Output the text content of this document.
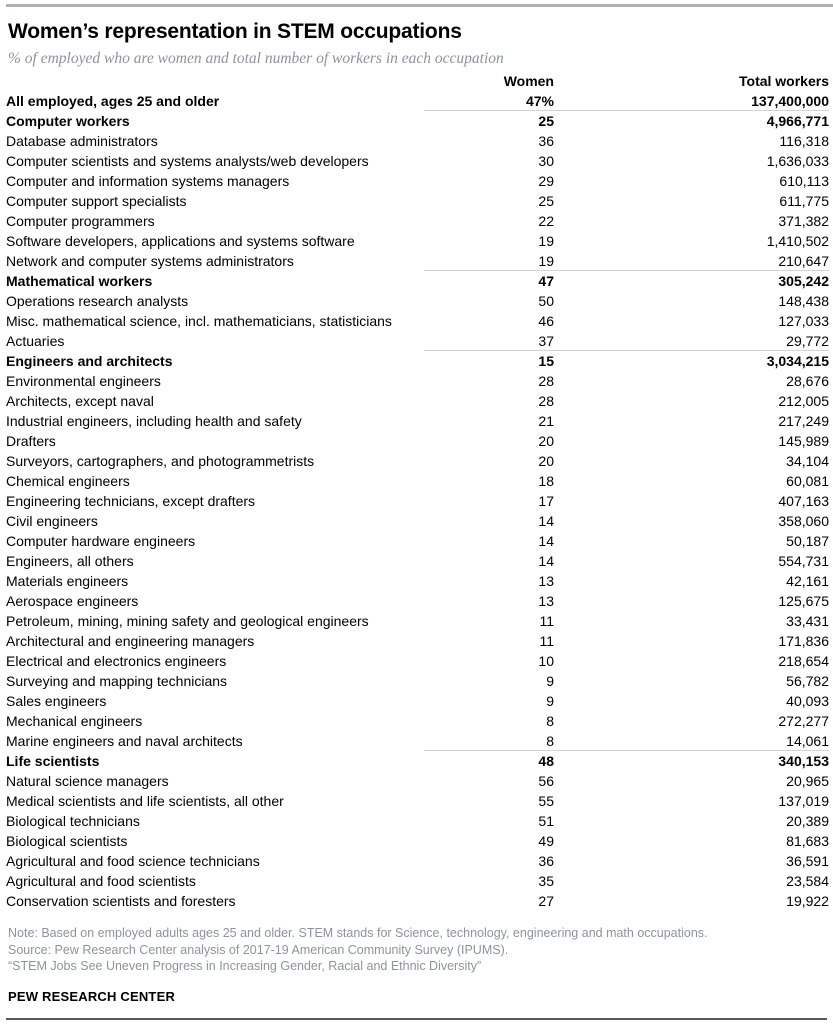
Women’s representation in STEM occupations
% of employed who are women and total number of workers in each occupation
	Women	Total workers
All employed, ages 25 and older	47%	137,400,000
Computer workers	25	4,966,771
Database administrators	36	116,318
Computer scientists and systems analysts/web developers	30	1,636,033
Computer and information systems managers	29	610,113
Computer support specialists	25	611,775
Computer programmers	22	371,382
Software developers, applications and systems software	19	1,410,502
Network and computer systems administrators	19	210,647
Mathematical workers	47	305,242
Operations research analysts	50	148,438
Misc. mathematical science, incl. mathematicians, statisticians	46	127,033
Actuaries	37	29,772
Engineers and architects	15	3,034,215
Environmental engineers	28	28,676
Architects, except naval	28	212,005
Industrial engineers, including health and safety	21	217,249
Drafters	20	145,989
Surveyors, cartographers, and photogrammetrists	20	34,104
Chemical engineers	18	60,081
Engineering technicians, except drafters	17	407,163
Civil engineers	14	358,060
Computer hardware engineers	14	50,187
Engineers, all others	14	554,731
Materials engineers	13	42,161
Aerospace engineers	13	125,675
Petroleum, mining, mining safety and geological engineers	11	33,431
Architectural and engineering managers	11	171,836
Electrical and electronics engineers	10	218,654
Surveying and mapping technicians	9	56,782
Sales engineers	9	40,093
Mechanical engineers	8	272,277
Marine engineers and naval architects	8	14,061
Life scientists	48	340,153
Natural science managers	56	20,965
Medical scientists and life scientists, all other	55	137,019
Biological technicians	51	20,389
Biological scientists	49	81,683
Agricultural and food science technicians	36	36,591
Agricultural and food scientists	35	23,584
Conservation scientists and foresters	27	19,922
Note: Based on employed adults ages 25 and older. STEM stands for Science, technology, engineering and math occupations.
Source: Pew Research Center analysis of 2017-19 American Community Survey (IPUMS).
“STEM Jobs See Uneven Progress in Increasing Gender, Racial and Ethnic Diversity”
PEW RESEARCH CENTER
